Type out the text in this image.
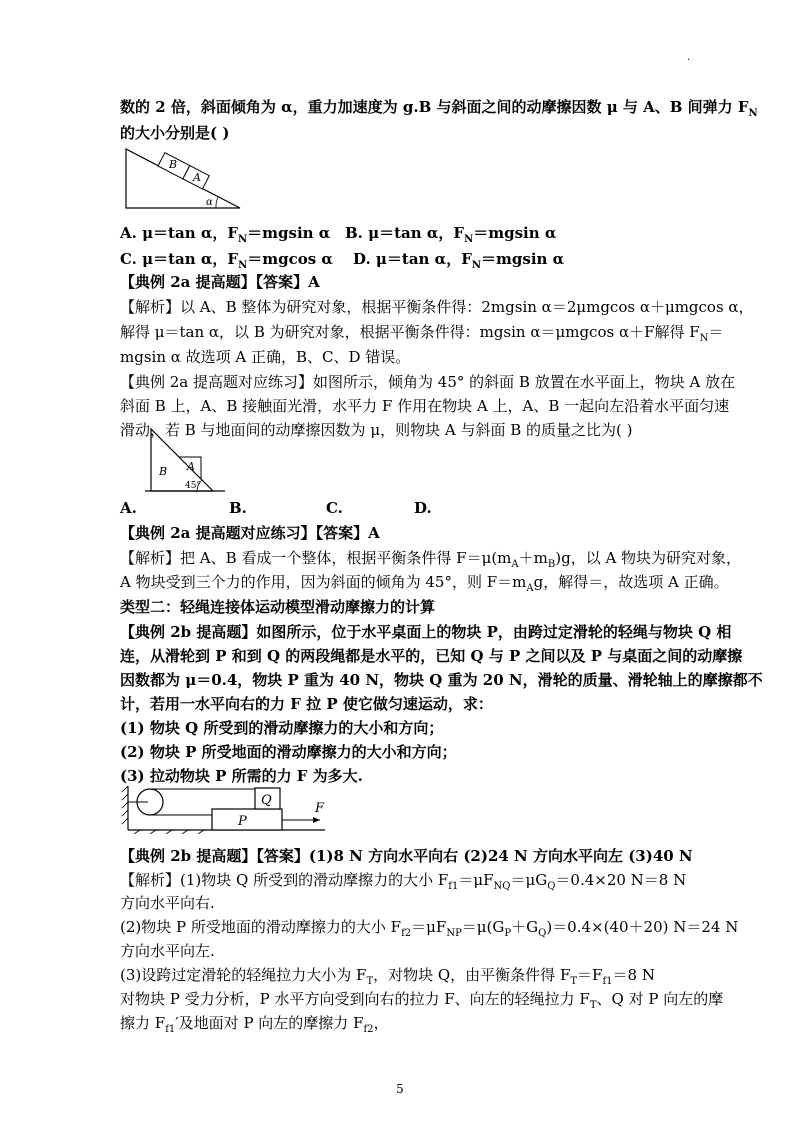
·
数的 2 倍，斜面倾角为 α，重力加速度为 g.B 与斜面之间的动摩擦因数 μ 与 A、B 间弹力 $F_N$
的大小分别是( )
B
A
α
A. μ＝tan α，$F_N=mgsin$ α B. μ＝tan α，$F_N=mgsin$ α
C. μ＝tan α，$F_N=mgcos$ α D. μ＝tan α，$F_N=mgsin$ α
【典例 2a 提高题】【答案】A
【解析】以 A、B 整体为研究对象，根据平衡条件得：2mgsin α＝2μmgcos α＋μmgcos α，
解得 μ＝tan α，以 B 为研究对象，根据平衡条件得：mgsin α＝μmgcos α＋F解得 $F_N=$
mgsin α 故选项 A 正确，B、C、D 错误。
【典例 2a 提高题对应练习】如图所示，倾角为 45° 的斜面 B 放置在水平面上，物块 A 放在
斜面 B 上，A、B 接触面光滑，水平力 F 作用在物块 A 上，A、B 一起向左沿着水平面匀速
滑动，若 B 与地面间的动摩擦因数为 μ，则物块 A 与斜面 B 的质量之比为( )
A
B
45°
A.	B.	C.	D.
【典例 2a 提高题对应练习】【答案】A
【解析】把 A、B 看成一个整体，根据平衡条件得 $F=\mu(m_A+m_B)g$，以 A 物块为研究对象，
A 物块受到三个力的作用，因为斜面的倾角为 45°，则 $F=m_Ag$，解得＝，故选项 A 正确。
类型二：轻绳连接体运动模型滑动摩擦力的计算
【典例 2b 提高题】如图所示，位于水平桌面上的物块 P，由跨过定滑轮的轻绳与物块 Q 相
连，从滑轮到 P 和到 Q 的两段绳都是水平的，已知 Q 与 P 之间以及 P 与桌面之间的动摩擦
因数都为 μ＝0.4，物块 P 重为 40 N，物块 Q 重为 20 N，滑轮的质量、滑轮轴上的摩擦都不
计，若用一水平向右的力 F 拉 P 使它做匀速运动，求：
(1) 物块 Q 所受到的滑动摩擦力的大小和方向；
(2) 物块 P 所受地面的滑动摩擦力的大小和方向；
(3) 拉动物块 P 所需的力 F 为多大.
Q
P
F
【典例 2b 提高题】【答案】(1)8 N 方向水平向右 (2)24 N 方向水平向左 (3)40 N
【解析】(1)物块 Q 所受到的滑动摩擦力的大小 $F_{f1}=\mu F_{NQ}=\mu G_Q=0.4\times 20$ N＝8 N
方向水平向右.
(2)物块 P 所受地面的滑动摩擦力的大小 $F_{f2}=\mu F_{NP}=\mu(G_P+G_Q)=0.4\times(40+20)$ N＝24 N
方向水平向左.
(3)设跨过定滑轮的轻绳拉力大小为 $F_T$，对物块 Q，由平衡条件得 $F_T=F_{f1}=8$ N
对物块 P 受力分析，P 水平方向受到向右的拉力 F、向左的轻绳拉力 $F_T$、Q 对 P 向左的摩
擦力 $F_{f1}'$及地面对 P 向左的摩擦力 $F_{f2}$，
5
